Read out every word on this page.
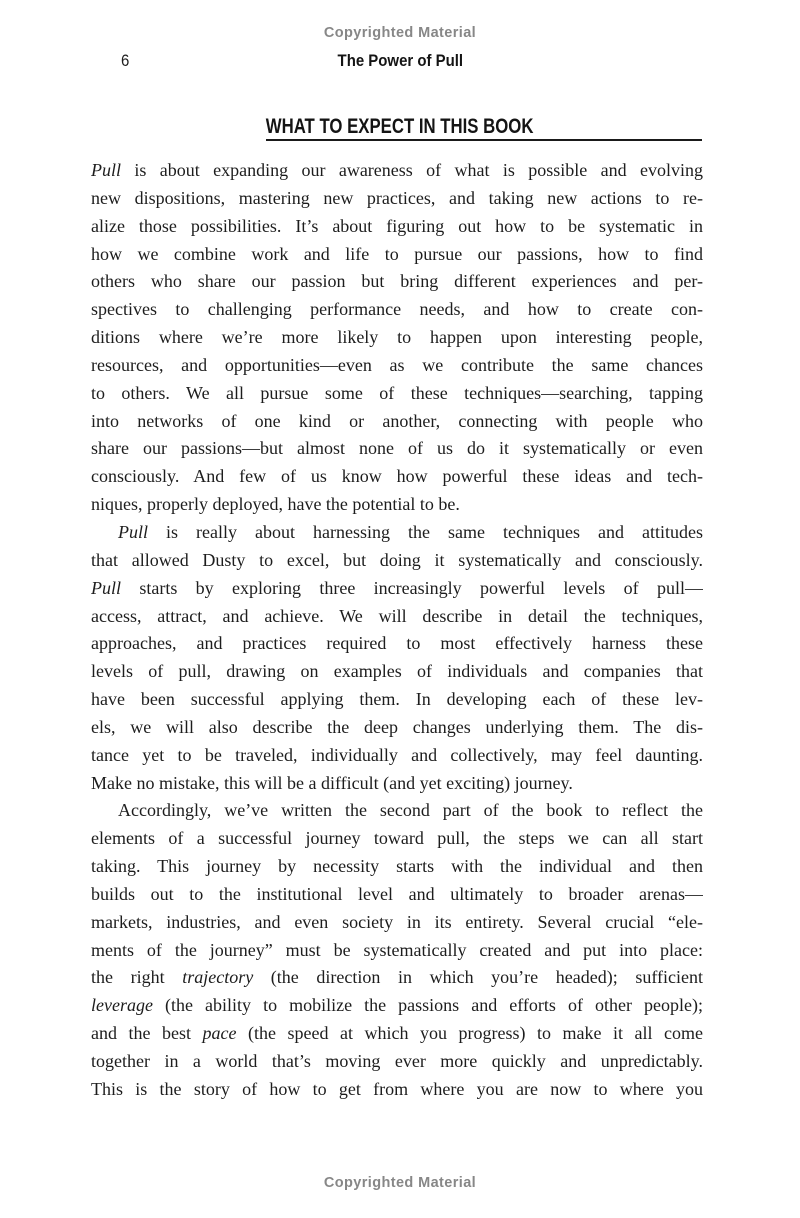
Copyrighted Material
6	The Power of Pull
WHAT TO EXPECT IN THIS BOOK
Pull is about expanding our awareness of what is possible and evolving
new dispositions, mastering new practices, and taking new actions to re-
alize those possibilities. It’s about figuring out how to be systematic in
how we combine work and life to pursue our passions, how to find
others who share our passion but bring different experiences and per-
spectives to challenging performance needs, and how to create con-
ditions where we’re more likely to happen upon interesting people,
resources, and opportunities—even as we contribute the same chances
to others. We all pursue some of these techniques—searching, tapping
into networks of one kind or another, connecting with people who
share our passions—but almost none of us do it systematically or even
consciously. And few of us know how powerful these ideas and tech-
niques, properly deployed, have the potential to be.
Pull is really about harnessing the same techniques and attitudes
that allowed Dusty to excel, but doing it systematically and consciously.
Pull starts by exploring three increasingly powerful levels of pull—
access, attract, and achieve. We will describe in detail the techniques,
approaches, and practices required to most effectively harness these
levels of pull, drawing on examples of individuals and companies that
have been successful applying them. In developing each of these lev-
els, we will also describe the deep changes underlying them. The dis-
tance yet to be traveled, individually and collectively, may feel daunting.
Make no mistake, this will be a difficult (and yet exciting) journey.
Accordingly, we’ve written the second part of the book to reflect the
elements of a successful journey toward pull, the steps we can all start
taking. This journey by necessity starts with the individual and then
builds out to the institutional level and ultimately to broader arenas—
markets, industries, and even society in its entirety. Several crucial “ele-
ments of the journey” must be systematically created and put into place:
the right trajectory (the direction in which you’re headed); sufficient
leverage (the ability to mobilize the passions and efforts of other people);
and the best pace (the speed at which you progress) to make it all come
together in a world that’s moving ever more quickly and unpredictably.
This is the story of how to get from where you are now to where you
Copyrighted Material
